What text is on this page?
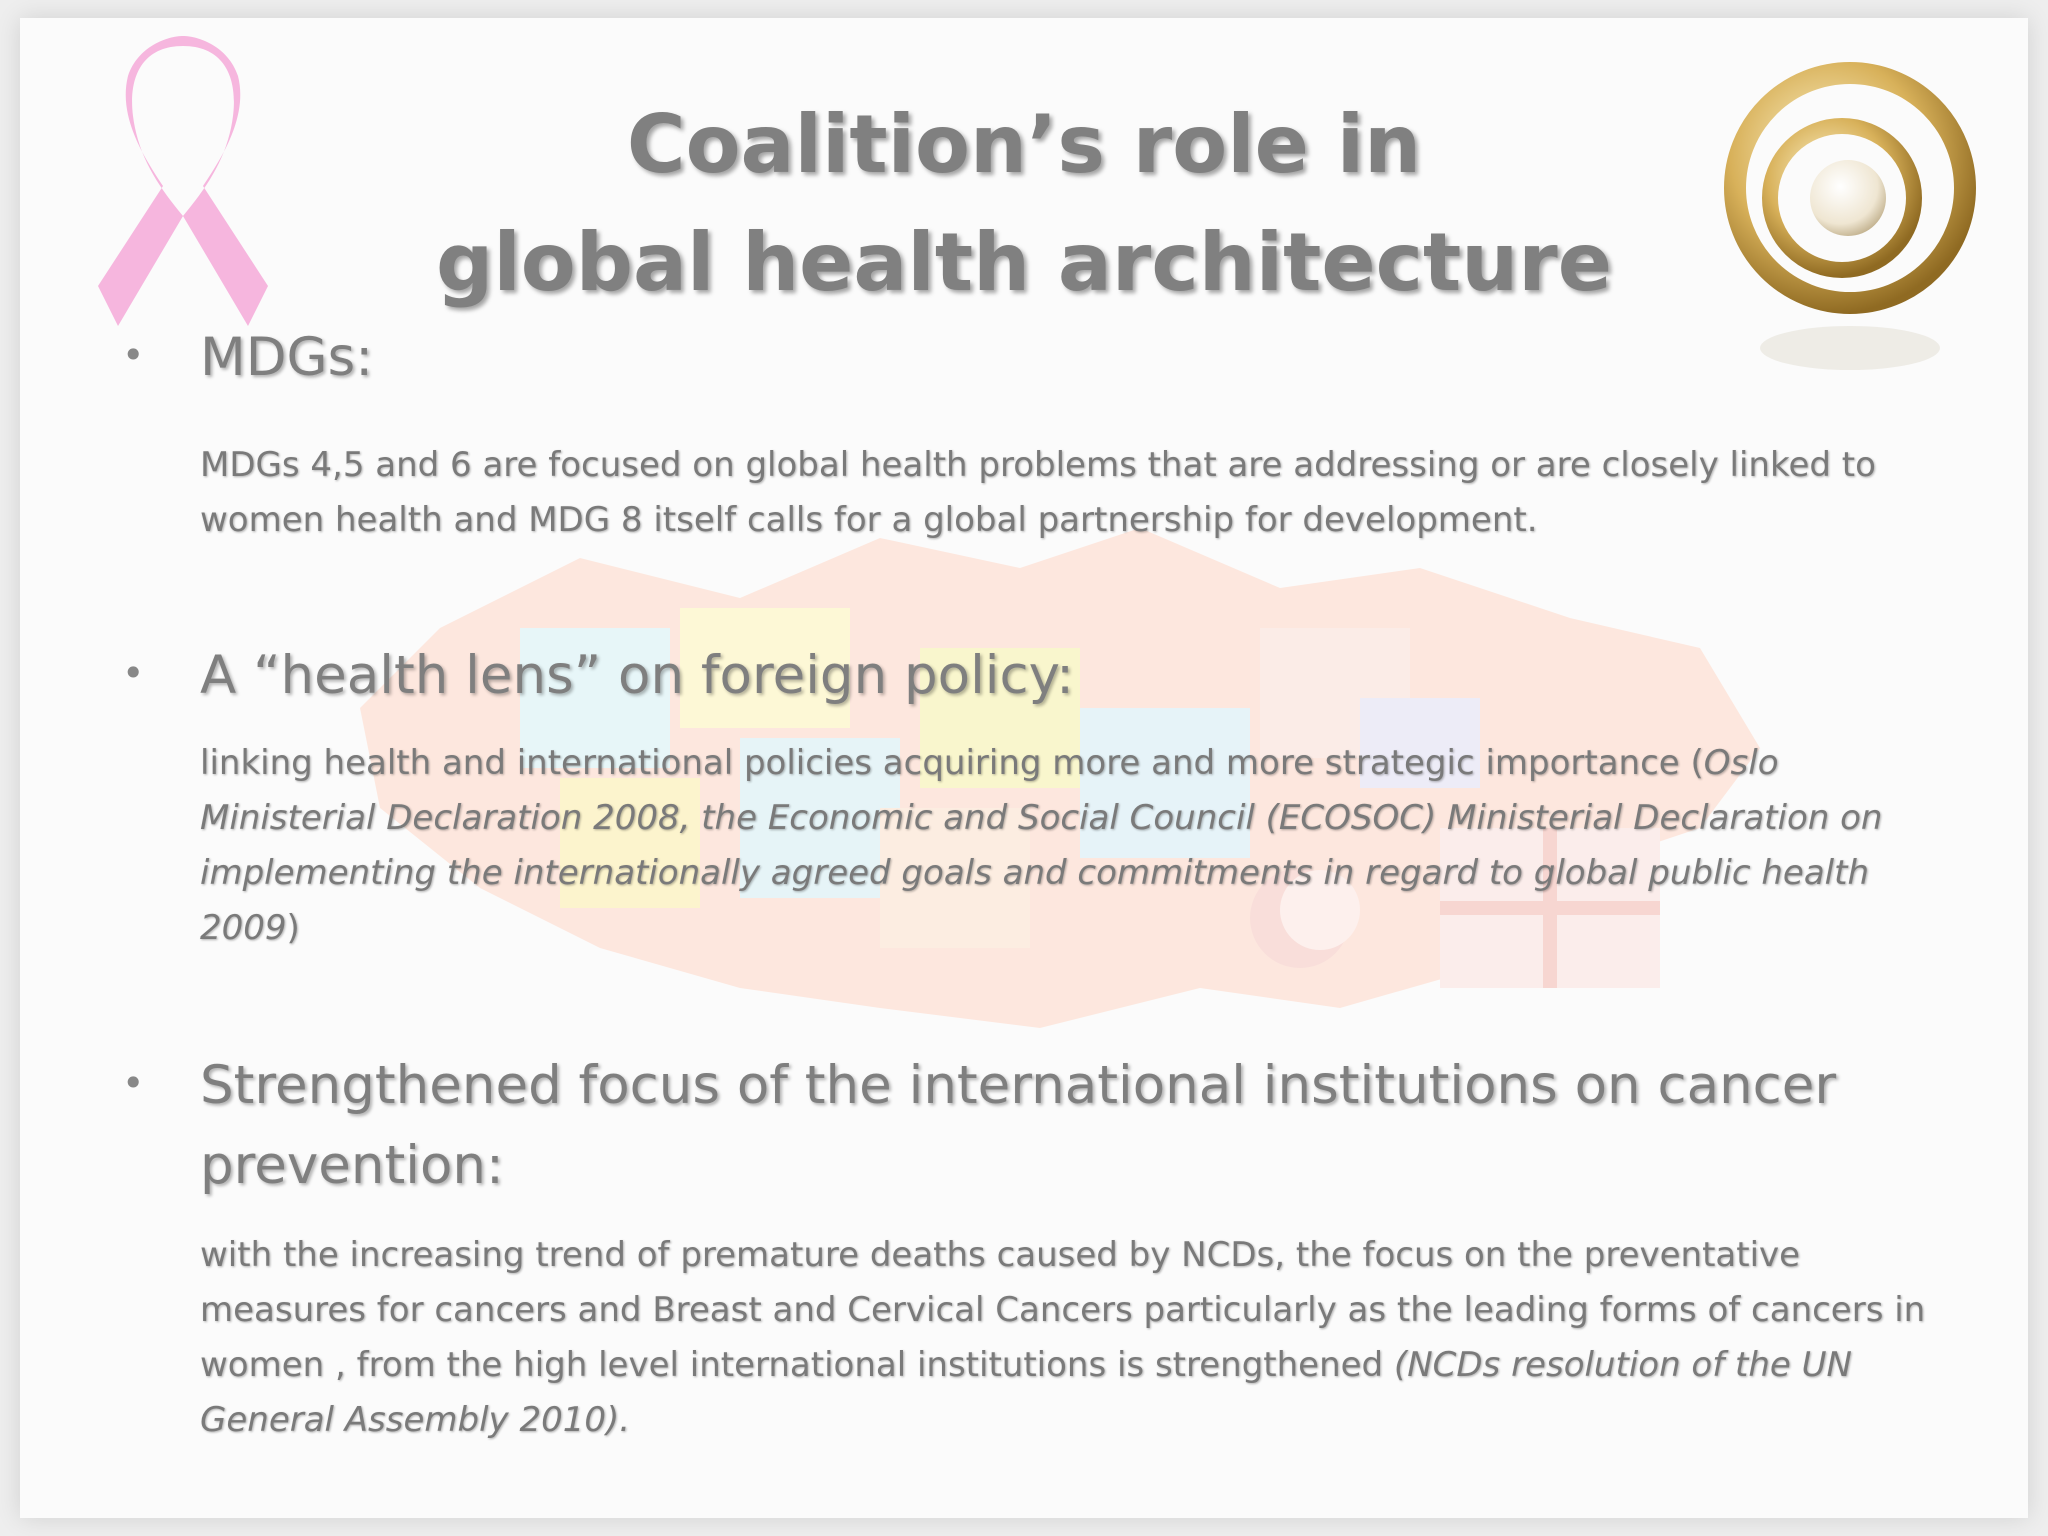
Coalition’s role in
global health architecture
• MDGs:
MDGs 4,5 and 6 are focused on global health problems that are addressing or are closely linked to women health and MDG 8 itself calls for a global partnership for development.
• A “health lens” on foreign policy:
linking health and international policies acquiring more and more strategic importance (Oslo Ministerial Declaration 2008, the Economic and Social Council (ECOSOC) Ministerial Declaration on implementing the internationally agreed goals and commitments in regard to global public health 2009)
• Strengthened focus of the international institutions on cancer prevention:
with the increasing trend of premature deaths caused by NCDs, the focus on the preventative measures for cancers and Breast and Cervical Cancers particularly as the leading forms of cancers in women , from the high level international institutions is strengthened (NCDs resolution of the UN General Assembly 2010).
